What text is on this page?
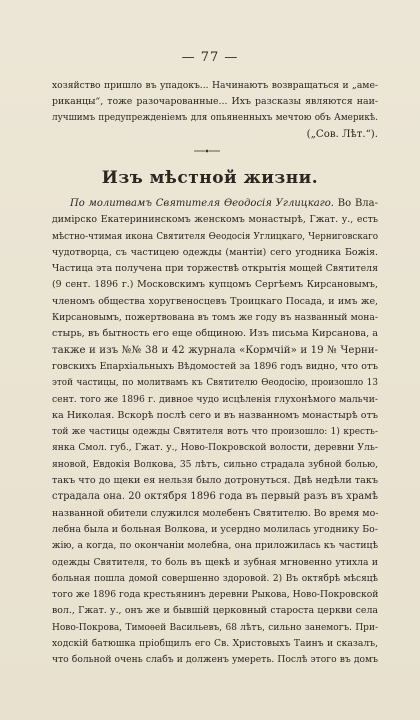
— 77 —
хозяйство пришло въ упадокъ... Начинаютъ возвращаться и „аме-
риканцы“, тоже разочарованные... Ихъ разсказы являются наи-
лучшимъ предупрежденіемъ для опьяненныхъ мечтою объ Америкѣ.
(„Сов. Лѣт.“).
Изъ мѣстной жизни.
По молитвамъ Святителя Ѳеодосія Углицкаго. Во Вла-
димірско Екатерининскомъ женскомъ монастырѣ, Гжат. у., есть
мѣстно-чтимая икона Святителя Ѳеодосія Углицкаго, Черниговскаго
чудотворца, съ частицею одежды (мантіи) сего угодника Божія.
Частица эта получена при торжествѣ открытія мощей Святителя
(9 сент. 1896 г.) Московскимъ купцомъ Сергѣемъ Кирсановымъ,
членомъ общества хоругвеносцевъ Троицкаго Посада, и имъ же,
Кирсановымъ, пожертвована въ томъ же году въ названный мона-
стырь, въ бытность его еще общиною. Изъ письма Кирсанова, а
также и изъ №№ 38 и 42 журнала «Кормчій» и 19 № Черни-
говскихъ Епархіальныхъ Вѣдомостей за 1896 годъ видно, что отъ
этой частицы, по молитвамъ къ Святителю Ѳеодосію, произошло 13
сент. того же 1896 г. дивное чудо исцѣленія глухонѣмого мальчи-
ка Николая. Вскорѣ послѣ сего и въ названномъ монастырѣ отъ
той же частицы одежды Святителя вотъ что произошло: 1) кресть-
янка Смол. губ., Гжат. у., Ново-Покровской волости, деревни Уль-
яновой, Евдокія Волкова, 35 лѣтъ, сильно страдала зубной болью,
такъ что до щеки ея нельзя было дотронуться. Двѣ недѣли такъ
страдала она. 20 октября 1896 года въ первый разъ въ храмѣ
названной обители служился молебенъ Святителю. Во время мо-
лебна была и больная Волкова, и усердно молилась угоднику Бо-
жію, а когда, по окончаніи молебна, она приложилась къ частицѣ
одежды Святителя, то боль въ щекѣ и зубная мгновенно утихла и
больная пошла домой совершенно здоровой. 2) Въ октябрѣ мѣсяцѣ
того же 1896 года крестьянинъ деревни Рыкова, Ново-Покровской
вол., Гжат. у., онъ же и бывшій церковный староста церкви села
Ново-Покрова, Тимоѳей Васильевъ, 68 лѣтъ, сильно занемогъ. При-
ходскій батюшка пріобщилъ его Св. Христовыхъ Таинъ и сказалъ,
что больной очень слабъ и долженъ умереть. Послѣ этого въ домъ
